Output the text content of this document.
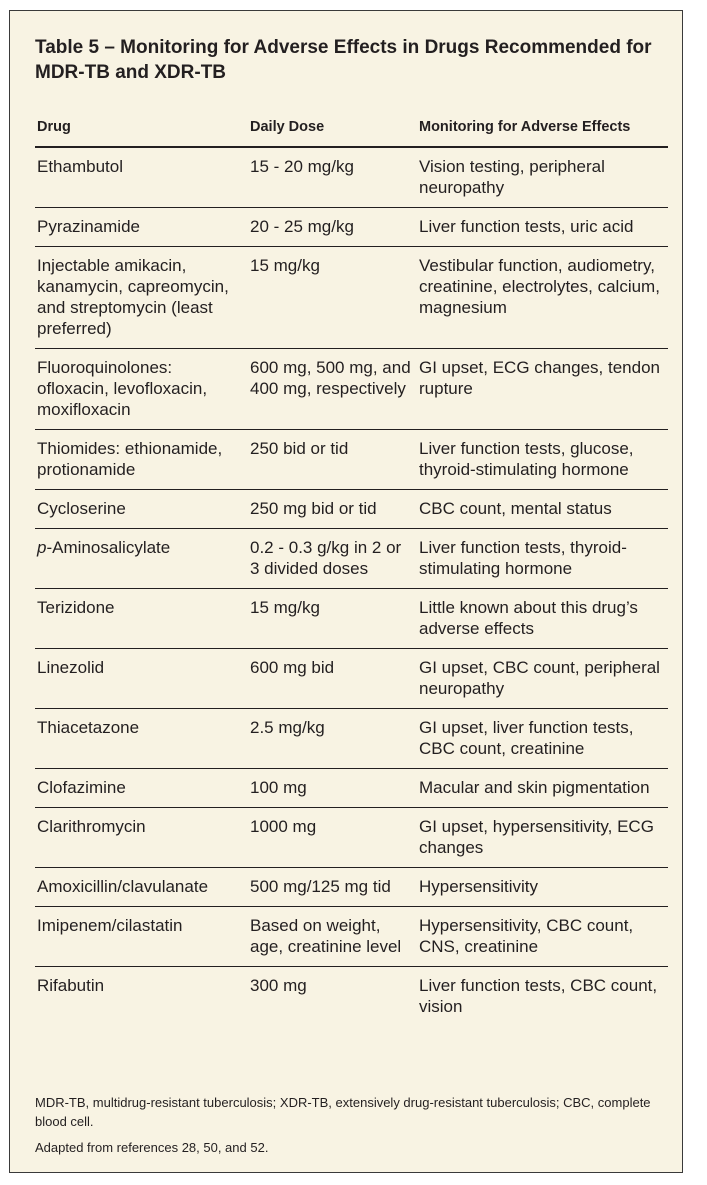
Table 5 – Monitoring for Adverse Effects in Drugs Recommended for MDR-TB and XDR-TB
Drug	Daily Dose	Monitoring for Adverse Effects
Ethambutol	15 - 20 mg/kg	Vision testing, peripheral neuropathy
Pyrazinamide	20 - 25 mg/kg	Liver function tests, uric acid
Injectable amikacin, kanamycin, capreomycin, and streptomycin (least preferred)	15 mg/kg	Vestibular function, audiometry, creatinine, electrolytes, calcium, magnesium
Fluoroquinolones: ofloxacin, levofloxacin, moxifloxacin	600 mg, 500 mg, and 400 mg, respectively	GI upset, ECG changes, tendon rupture
Thiomides: ethionamide, protionamide	250 bid or tid	Liver function tests, glucose, thyroid-stimulating hormone
Cycloserine	250 mg bid or tid	CBC count, mental status
p-Aminosalicylate	0.2 - 0.3 g/kg in 2 or 3 divided doses	Liver function tests, thyroid-stimulating hormone
Terizidone	15 mg/kg	Little known about this drug’s adverse effects
Linezolid	600 mg bid	GI upset, CBC count, peripheral neuropathy
Thiacetazone	2.5 mg/kg	GI upset, liver function tests, CBC count, creatinine
Clofazimine	100 mg	Macular and skin pigmentation
Clarithromycin	1000 mg	GI upset, hypersensitivity, ECG changes
Amoxicillin/clavulanate	500 mg/125 mg tid	Hypersensitivity
Imipenem/cilastatin	Based on weight, age, creatinine level	Hypersensitivity, CBC count, CNS, creatinine
Rifabutin	300 mg	Liver function tests, CBC count, vision

MDR-TB, multidrug-resistant tuberculosis; XDR-TB, extensively drug-resistant tuberculosis; CBC, complete blood cell.

Adapted from references 28, 50, and 52.
